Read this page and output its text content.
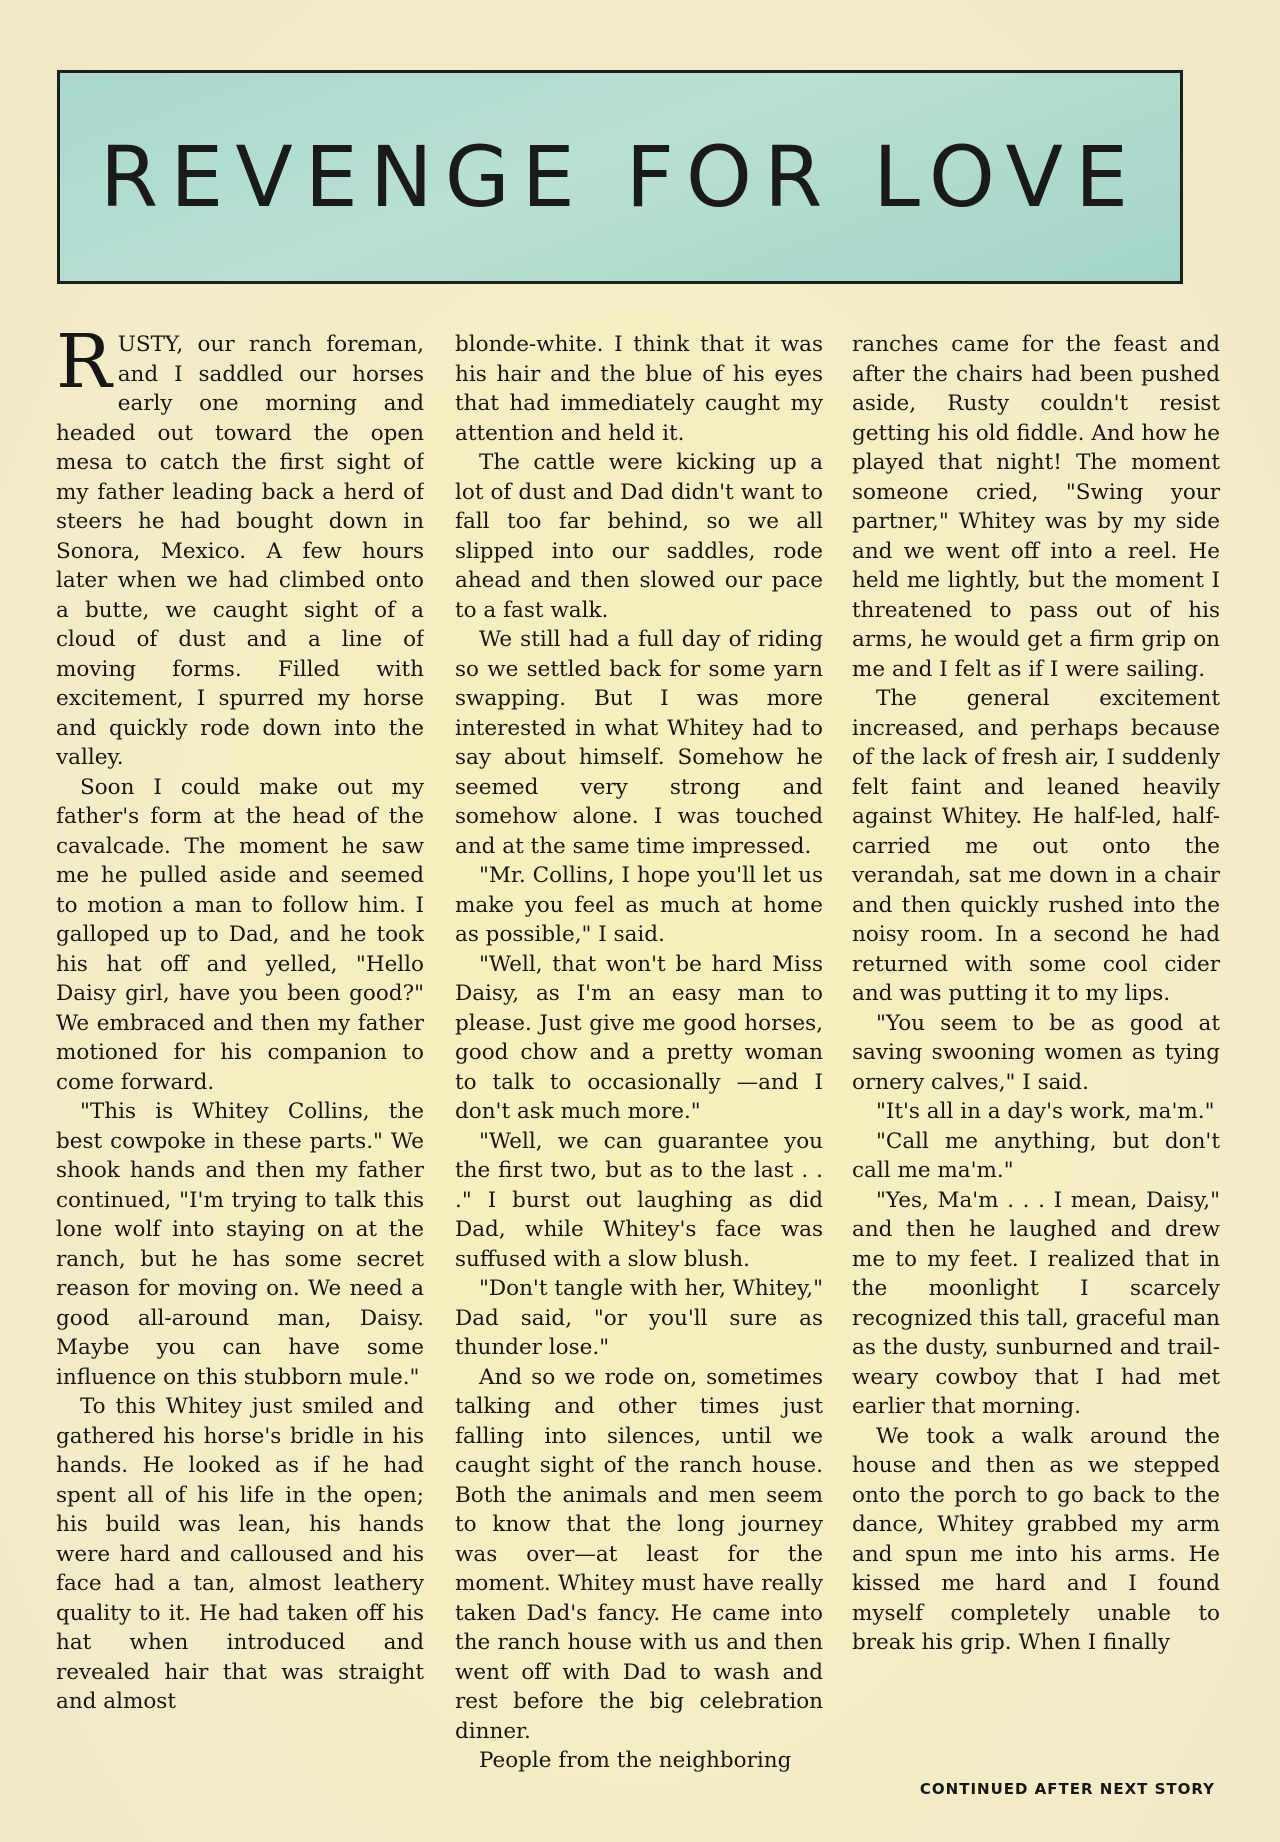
REVENGE FOR LOVE

RUSTY, our ranch foreman, and I saddled our horses early one morning and headed out toward the open mesa to catch the first sight of my father leading back a herd of steers he had bought down in Sonora, Mexico. A few hours later when we had climbed onto a butte, we caught sight of a cloud of dust and a line of moving forms. Filled with excitement, I spurred my horse and quickly rode down into the valley.

Soon I could make out my father's form at the head of the cavalcade. The moment he saw me he pulled aside and seemed to motion a man to follow him. I galloped up to Dad, and he took his hat off and yelled, "Hello Daisy girl, have you been good?" We embraced and then my father motioned for his companion to come forward.

"This is Whitey Collins, the best cowpoke in these parts." We shook hands and then my father continued, "I'm trying to talk this lone wolf into staying on at the ranch, but he has some secret reason for moving on. We need a good all-around man, Daisy. Maybe you can have some influence on this stubborn mule."

To this Whitey just smiled and gathered his horse's bridle in his hands. He looked as if he had spent all of his life in the open; his build was lean, his hands were hard and calloused and his face had a tan, almost leathery quality to it. He had taken off his hat when introduced and revealed hair that was straight and almost

blonde-white. I think that it was his hair and the blue of his eyes that had immediately caught my attention and held it.

The cattle were kicking up a lot of dust and Dad didn't want to fall too far behind, so we all slipped into our saddles, rode ahead and then slowed our pace to a fast walk.

We still had a full day of riding so we settled back for some yarn swapping. But I was more interested in what Whitey had to say about himself. Somehow he seemed very strong and somehow alone. I was touched and at the same time impressed.

"Mr. Collins, I hope you'll let us make you feel as much at home as possible," I said.

"Well, that won't be hard Miss Daisy, as I'm an easy man to please. Just give me good horses, good chow and a pretty woman to talk to occasionally —and I don't ask much more."

"Well, we can guarantee you the first two, but as to the last . . ." I burst out laughing as did Dad, while Whitey's face was suffused with a slow blush.

"Don't tangle with her, Whitey," Dad said, "or you'll sure as thunder lose."

And so we rode on, sometimes talking and other times just falling into silences, until we caught sight of the ranch house. Both the animals and men seem to know that the long journey was over—at least for the moment. Whitey must have really taken Dad's fancy. He came into the ranch house with us and then went off with Dad to wash and rest before the big celebration dinner.

People from the neighboring

ranches came for the feast and after the chairs had been pushed aside, Rusty couldn't resist getting his old fiddle. And how he played that night! The moment someone cried, "Swing your partner," Whitey was by my side and we went off into a reel. He held me lightly, but the moment I threatened to pass out of his arms, he would get a firm grip on me and I felt as if I were sailing.

The general excitement increased, and perhaps because of the lack of fresh air, I suddenly felt faint and leaned heavily against Whitey. He half-led, half-carried me out onto the verandah, sat me down in a chair and then quickly rushed into the noisy room. In a second he had returned with some cool cider and was putting it to my lips.

"You seem to be as good at saving swooning women as tying ornery calves," I said.

"It's all in a day's work, ma'm."

"Call me anything, but don't call me ma'm."

"Yes, Ma'm . . . I mean, Daisy," and then he laughed and drew me to my feet. I realized that in the moonlight I scarcely recognized this tall, graceful man as the dusty, sunburned and trail-weary cowboy that I had met earlier that morning.

We took a walk around the house and then as we stepped onto the porch to go back to the dance, Whitey grabbed my arm and spun me into his arms. He kissed me hard and I found myself completely unable to break his grip. When I finally

CONTINUED AFTER NEXT STORY
